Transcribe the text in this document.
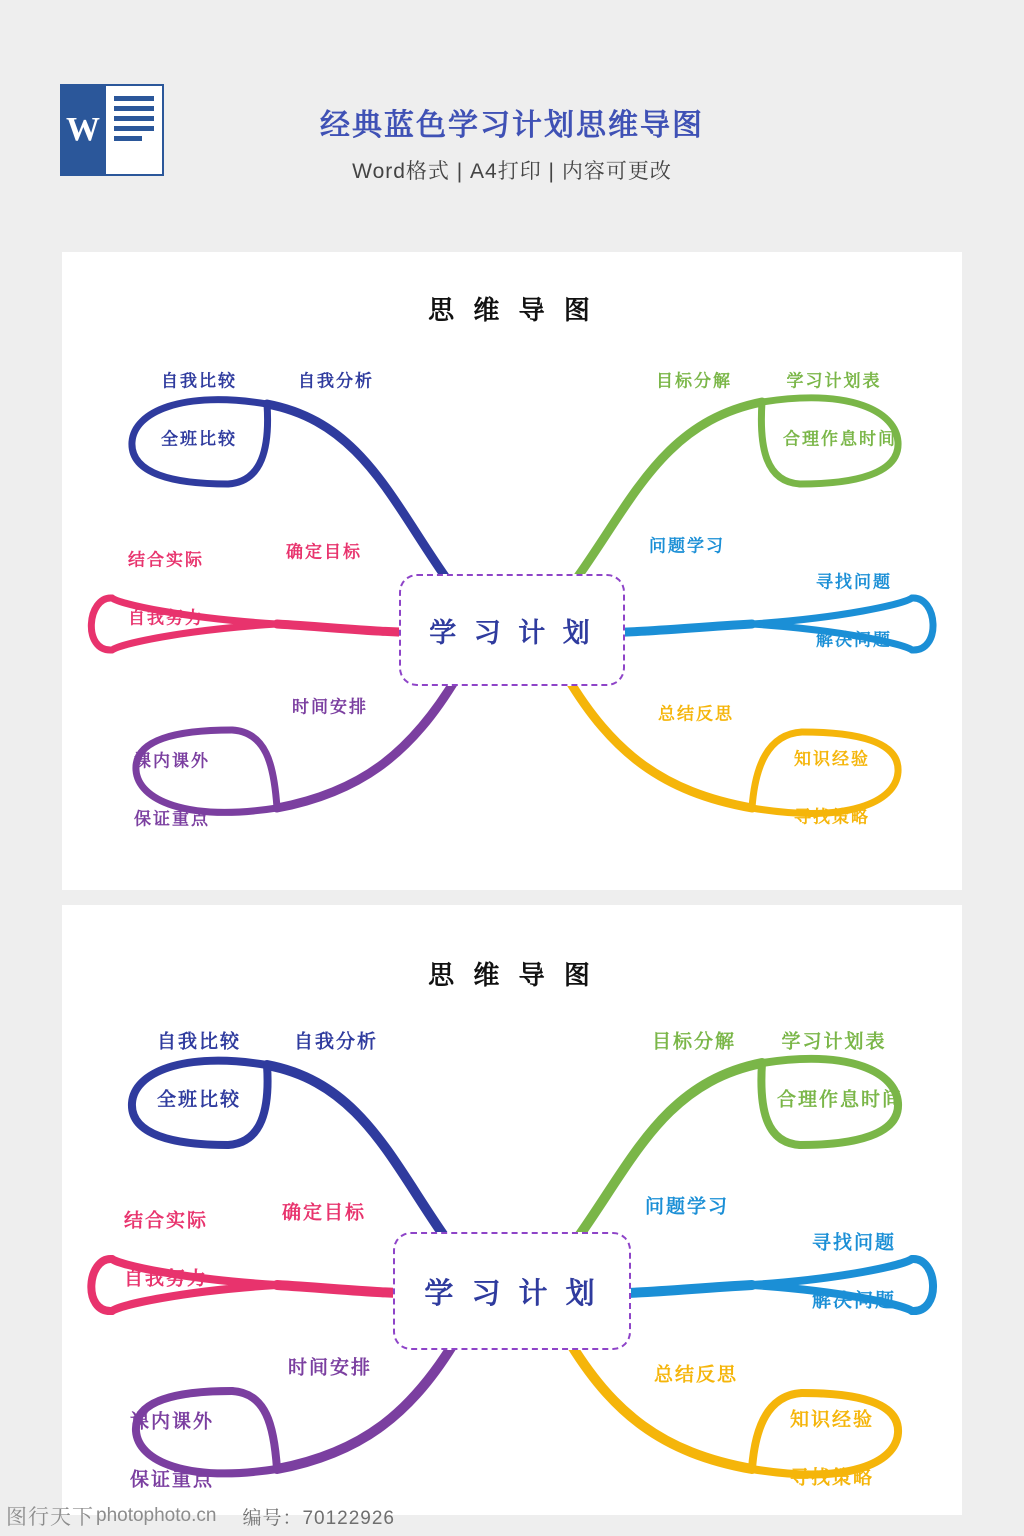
W	经典蓝色学习计划思维导图
Word格式 | A4打印 | 内容可更改
思 维 导 图
学 习 计 划
自我分析
自我比较
全班比较
目标分解	学习计划表
合理作息时间
确定目标
结合实际
自我努力
问题学习
寻找问题
解决问题
时间安排
课内课外
保证重点
总结反思
知识经验
寻找策略
思 维 导 图
学 习 计 划
自我分析
自我比较
全班比较
目标分解 学习计划表
合理作息时间
确定目标
结合实际
自我努力
问题学习
寻找问题
解决问题
时间安排
课内课外
保证重点
总结反思
知识经验
寻找策略
图行天下 photophoto.cn 编号：70122926
